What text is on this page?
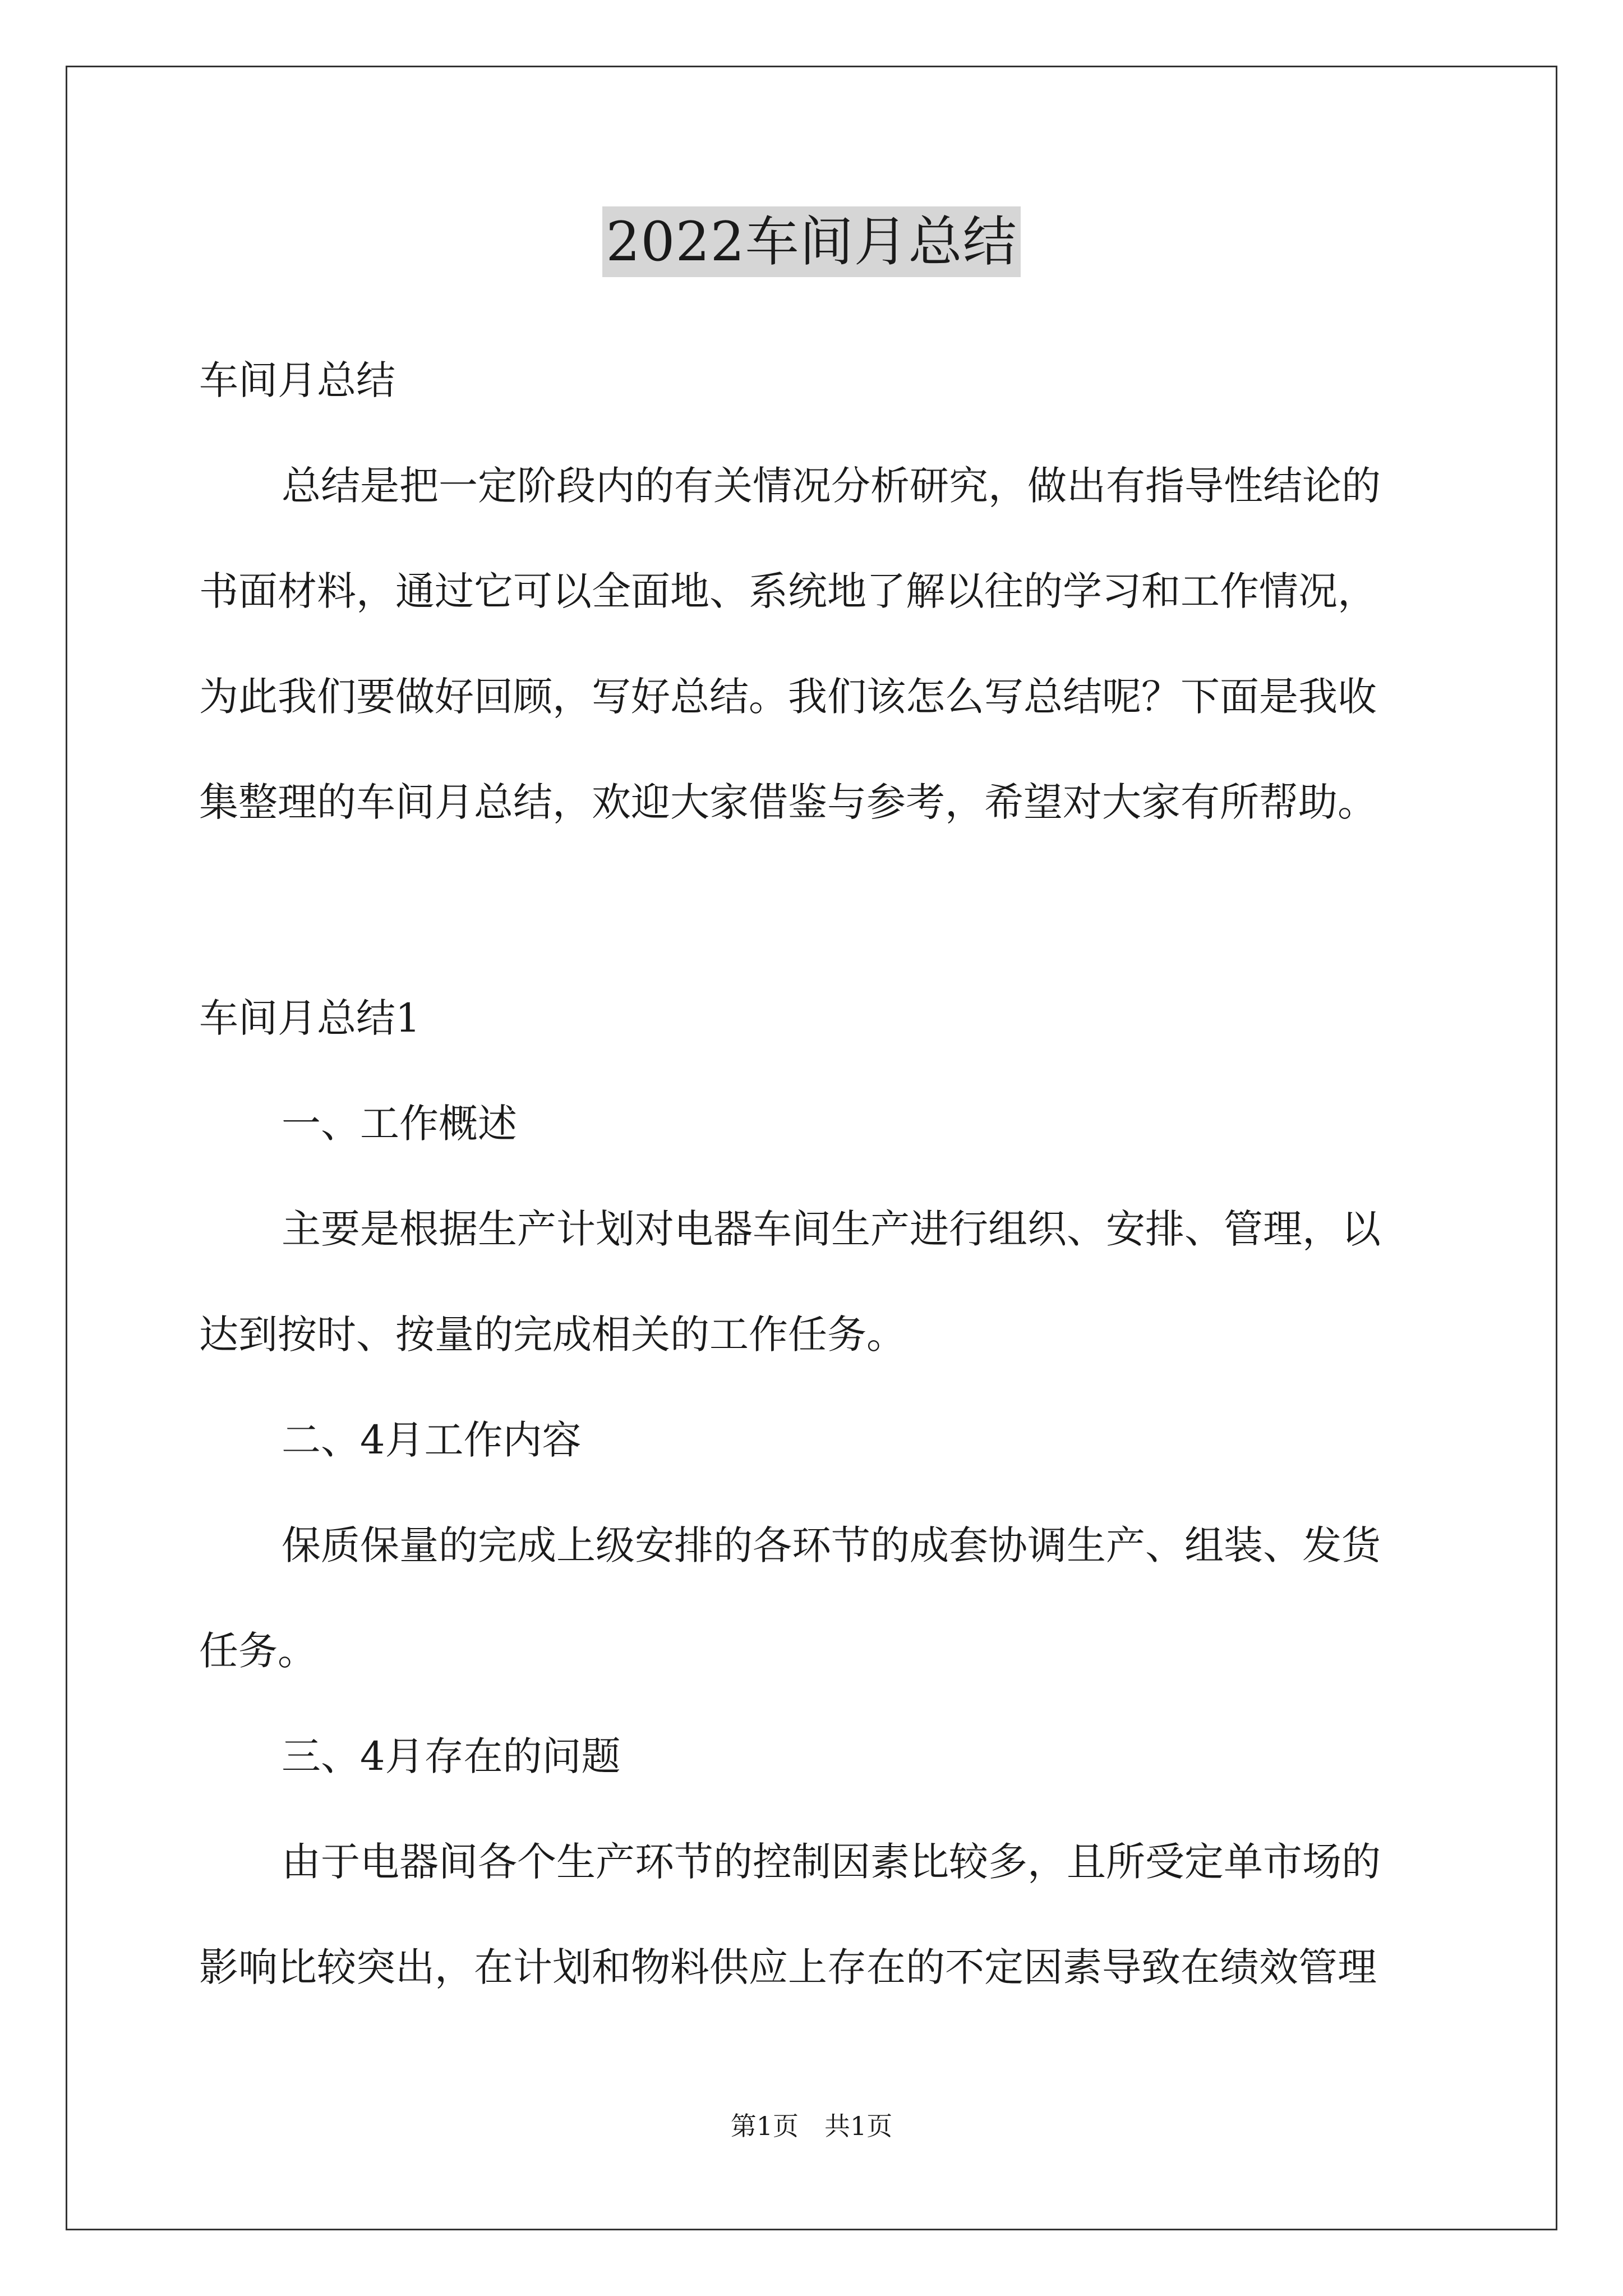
2022车间月总结
车间月总结
总结是把一定阶段内的有关情况分析研究，做出有指导性结论的
书面材料，通过它可以全面地、系统地了解以往的学习和工作情况，
为此我们要做好回顾，写好总结。我们该怎么写总结呢？下面是我收
集整理的车间月总结，欢迎大家借鉴与参考，希望对大家有所帮助。
车间月总结1
一、工作概述
主要是根据生产计划对电器车间生产进行组织、安排、管理，以
达到按时、按量的完成相关的工作任务。
二、4月工作内容
保质保量的完成上级安排的各环节的成套协调生产、组装、发货
任务。
三、4月存在的问题
由于电器间各个生产环节的控制因素比较多，且所受定单市场的
影响比较突出，在计划和物料供应上存在的不定因素导致在绩效管理
第1页 共1页
